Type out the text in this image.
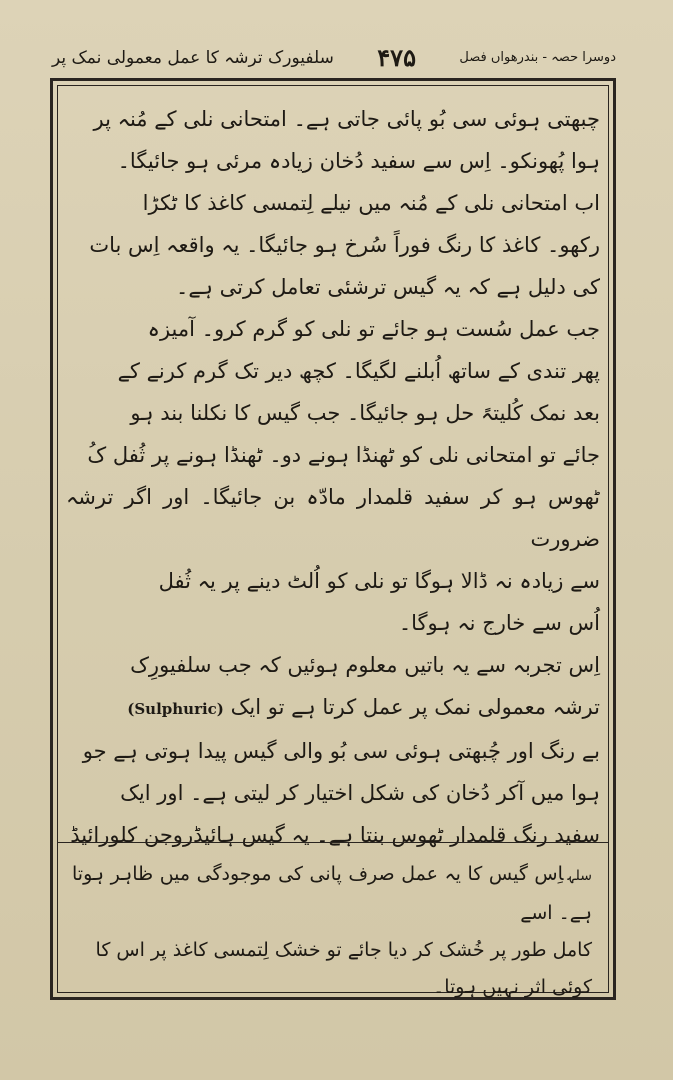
دوسرا حصہ - بندرھواں فصل
۴۷۵
سلفیورک ترشہ کا عمل معمولی نمک پر

چبھتی ہوئی سی بُو پائی جاتی ہے۔ امتحانی نلی کے مُنہ پر

ہوا پُھونکو۔ اِس سے سفید دُخان زیادہ مرئی ہو جائیگا۔

اب امتحانی نلی کے مُنہ میں نیلے لِتمسی کاغذ کا ٹکڑا

رکھو۔ کاغذ کا رنگ فوراً سُرخ ہو جائیگا۔ یہ واقعہ اِس بات

کی دلیل ہے کہ یہ گیس ترشئی تعامل کرتی ہے۔

جب عمل سُست ہو جائے تو نلی کو گرم کرو۔ آمیزہ

پھر تندی کے ساتھ اُبلنے لگیگا۔ کچھ دیر تک گرم کرنے کے

بعد نمک کُلیتہً حل ہو جائیگا۔ جب گیس کا نکلنا بند ہو

جائے تو امتحانی نلی کو ٹھنڈا ہونے دو۔ ٹھنڈا ہونے پر ثُفل کُ

ٹھوس ہو کر سفید قلمدار مادّہ بن جائیگا۔ اور اگر ترشہ ضرورت

سے زیادہ نہ ڈالا ہوگا تو نلی کو اُلٹ دینے پر یہ ثُفل

اُس سے خارج نہ ہوگا۔

اِس تجربہ سے یہ باتیں معلوم ہوئیں کہ جب سلفیورِک

ترشہ معمولی نمک پر عمل کرتا ہے تو ایک (Sulphuric)

بے رنگ اور چُبھتی ہوئی سی بُو والی گیس پیدا ہوتی ہے جو

ہوا میں آکر دُخان کی شکل اختیار کر لیتی ہے۔ اور ایک

سفید رنگ قلمدار ٹھوس بنتا ہے۔ یہ گیس ہائیڈروجن کلورائیڈ

سلہاِس گیس کا یہ عمل صرف پانی کی موجودگی میں ظاہر ہوتا ہے۔ اسے

کامل طور پر خُشک کر دیا جائے تو خشک لِتمسی کاغذ پر اس کا

کوئی اثر نہیں ہوتا۔
